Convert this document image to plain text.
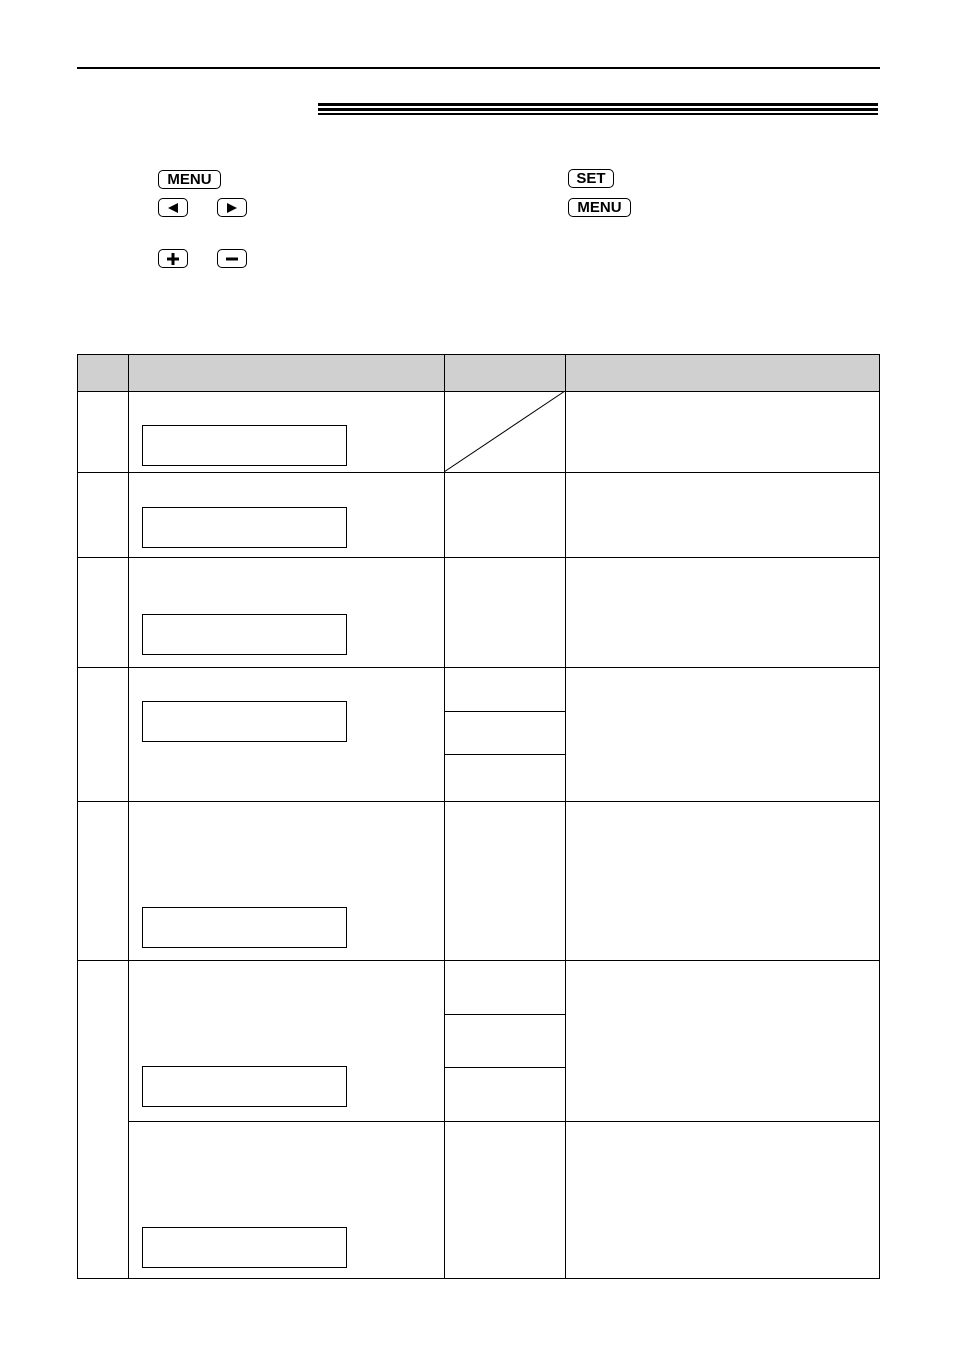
MENU	SET
MENU
